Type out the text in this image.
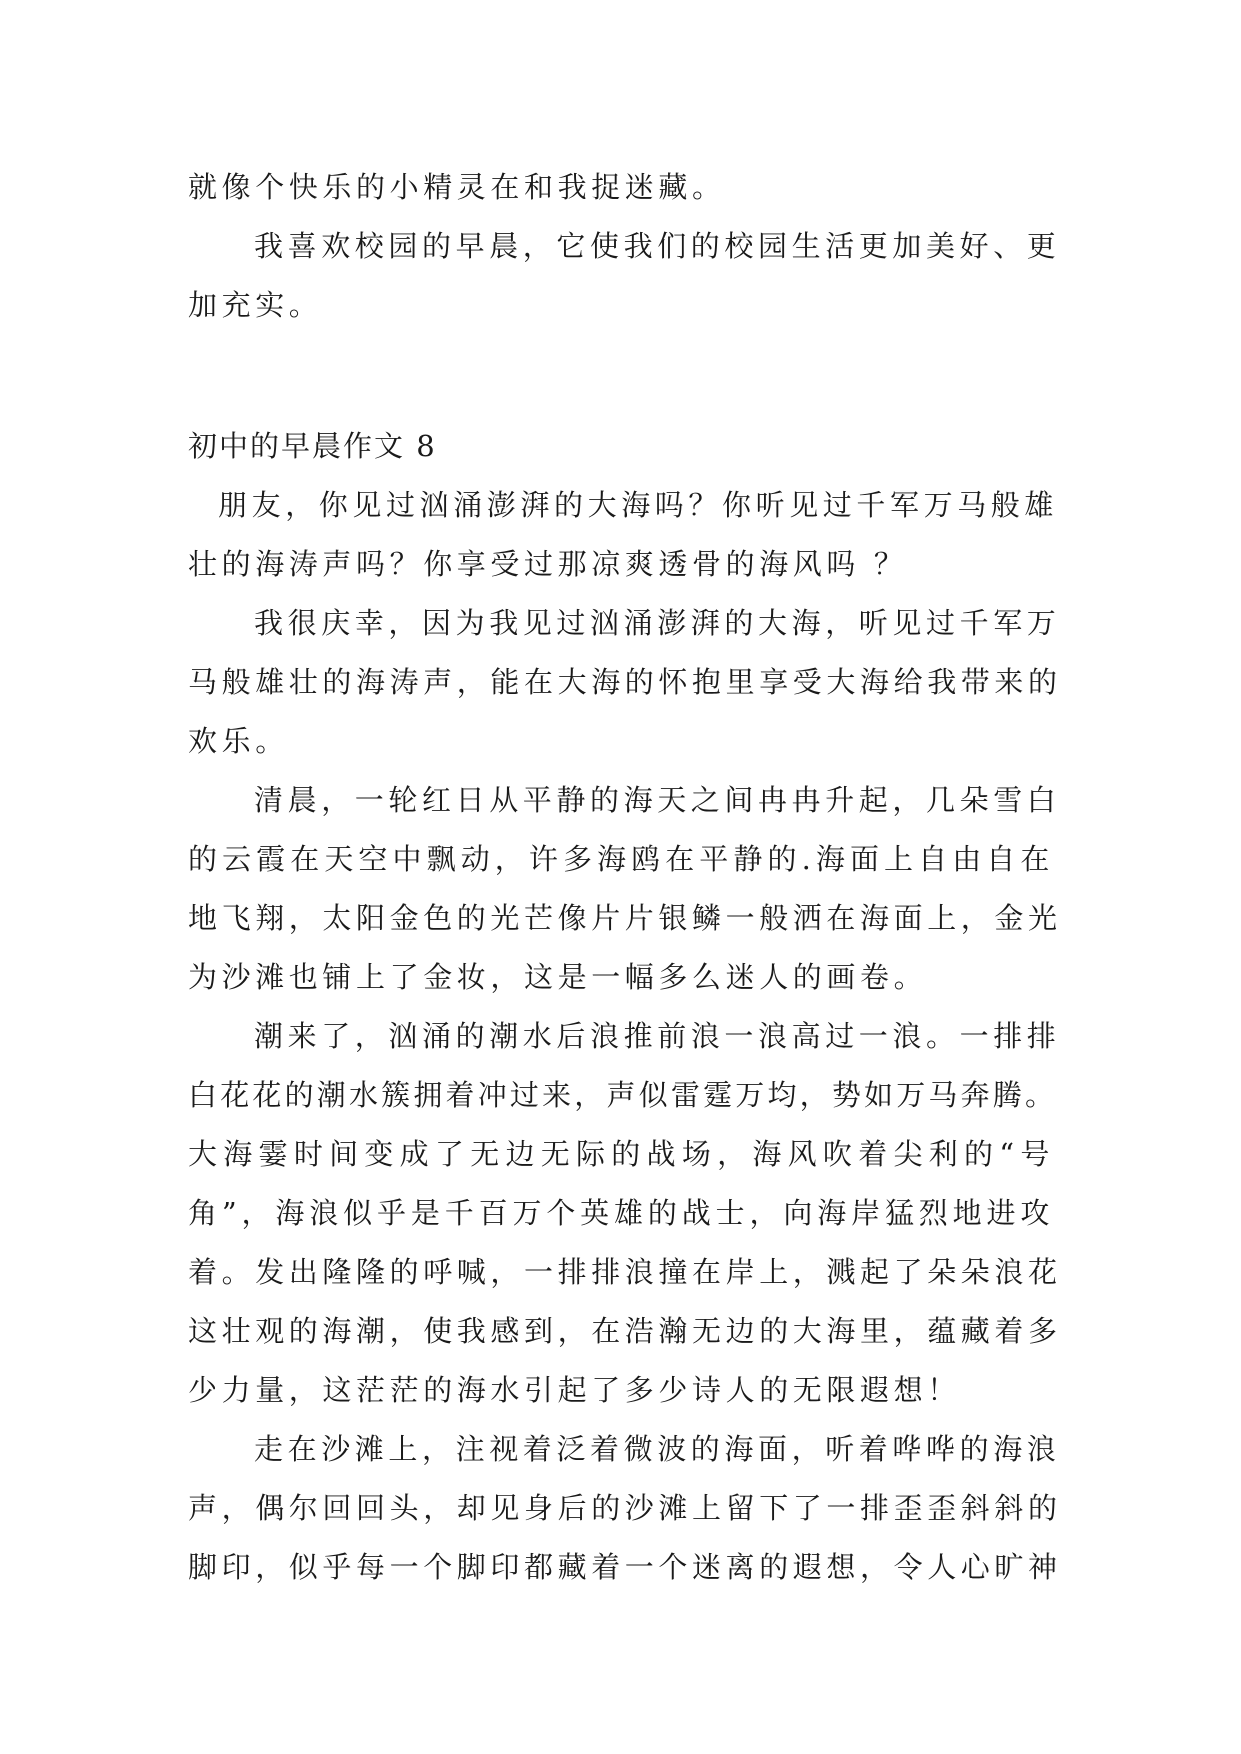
就像个快乐的小精灵在和我捉迷藏。
我喜欢校园的早晨，它使我们的校园生活更加美好、更
加充实。
初中的早晨作文 8
朋友，你见过汹涌澎湃的大海吗？你听见过千军万马般雄
壮的海涛声吗？你享受过那凉爽透骨的海风吗 ？
我很庆幸，因为我见过汹涌澎湃的大海，听见过千军万
马般雄壮的海涛声，能在大海的怀抱里享受大海给我带来的
欢乐。
清晨，一轮红日从平静的海天之间冉冉升起，几朵雪白
的云霞在天空中飘动，许多海鸥在平静的.海面上自由自在
地飞翔，太阳金色的光芒像片片银鳞一般洒在海面上，金光
为沙滩也铺上了金妆，这是一幅多么迷人的画卷。
潮来了，汹涌的潮水后浪推前浪一浪高过一浪。一排排
白花花的潮水簇拥着冲过来，声似雷霆万均，势如万马奔腾。
大海霎时间变成了无边无际的战场，海风吹着尖利的“号
角”，海浪似乎是千百万个英雄的战士，向海岸猛烈地进攻
着。发出隆隆的呼喊，一排排浪撞在岸上，溅起了朵朵浪花
这壮观的海潮，使我感到，在浩瀚无边的大海里，蕴藏着多
少力量，这茫茫的海水引起了多少诗人的无限遐想！
走在沙滩上，注视着泛着微波的海面，听着哗哗的海浪
声，偶尔回回头，却见身后的沙滩上留下了一排歪歪斜斜的
脚印，似乎每一个脚印都藏着一个迷离的遐想，令人心旷神
